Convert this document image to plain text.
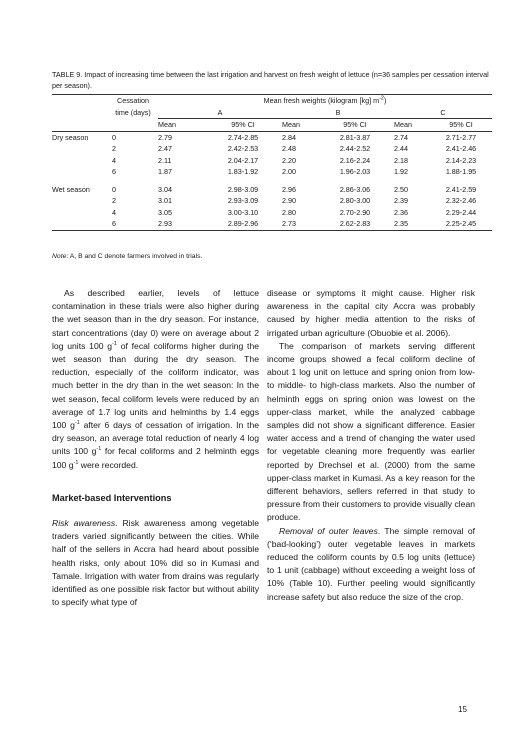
TABLE 9. Impact of increasing time between the last irrigation and harvest on fresh weight of lettuce (n=36 samples per cessation interval per season).
	Cessation	Mean fresh weights (kilogram [kg] $m^{-2}$)					
	time (days)	A		B		C	
		Mean	95% CI	Mean	95% CI	Mean	95% CI
Dry season	0	2.79	2.74-2.85	2.84	2.81-3.87	2.74	2.71-2.77
	2	2.47	2.42-2.53	2.48	2.44-2.52	2.44	2.41-2.46
	4	2.11	2.04-2.17	2.20	2.16-2.24	2.18	2.14-2.23
	6	1.87	1.83-1.92	2.00	1.96-2.03	1.92	1.88-1.95

Wet season	0	3.04	2.98-3.09	2.96	2.86-3.06	2.50	2.41-2.59
	2	3.01	2.93-3.09	2.90	2.80-3.00	2.39	2.32-2.46
	4	3.05	3.00-3.10	2.80	2.70-2.90	2.36	2.29-2.44
	6	2.93	2.89-2.96	2.73	2.62-2.83	2.35	2.25-2.45
Note: A, B and C denote farmers involved in trials.

As described earlier, levels of lettuce contamination in these trials were also higher during the wet season than in the dry season. For instance, start concentrations (day 0) were on average about 2 log units 100 $g^{-1}$ of fecal coliforms higher during the wet season than during the dry season. The reduction, especially of the coliform indicator, was much better in the dry than in the wet season: In the wet season, fecal coliform levels were reduced by an average of 1.7 log units and helminths by 1.4 eggs 100 $g^{-1}$ after 6 days of cessation of irrigation. In the dry season, an average total reduction of nearly 4 log units 100 $g^{-1}$ for fecal coliforms and 2 helminth eggs 100 $g^{-1}$ were recorded.

Market-based Interventions

Risk awareness. Risk awareness among vegetable traders varied significantly between the cities. While half of the sellers in Accra had heard about possible health risks, only about 10% did so in Kumasi and Tamale. Irrigation with water from drains was regularly identified as one possible risk factor but without ability to specify what type of

disease or symptoms it might cause. Higher risk awareness in the capital city Accra was probably caused by higher media attention to the risks of irrigated urban agriculture (Obuobie et al. 2006).

The comparison of markets serving different income groups showed a fecal coliform decline of about 1 log unit on lettuce and spring onion from low- to middle- to high-class markets. Also the number of helminth eggs on spring onion was lowest on the upper-class market, while the analyzed cabbage samples did not show a significant difference. Easier water access and a trend of changing the water used for vegetable cleaning more frequently was earlier reported by Drechsel et al. (2000) from the same upper-class market in Kumasi. As a key reason for the different behaviors, sellers referred in that study to pressure from their customers to provide visually clean produce.

Removal of outer leaves. The simple removal of (‘bad-looking’) outer vegetable leaves in markets reduced the coliform counts by 0.5 log units (lettuce) to 1 unit (cabbage) without exceeding a weight loss of 10% (Table 10). Further peeling would significantly increase safety but also reduce the size of the crop.

15
